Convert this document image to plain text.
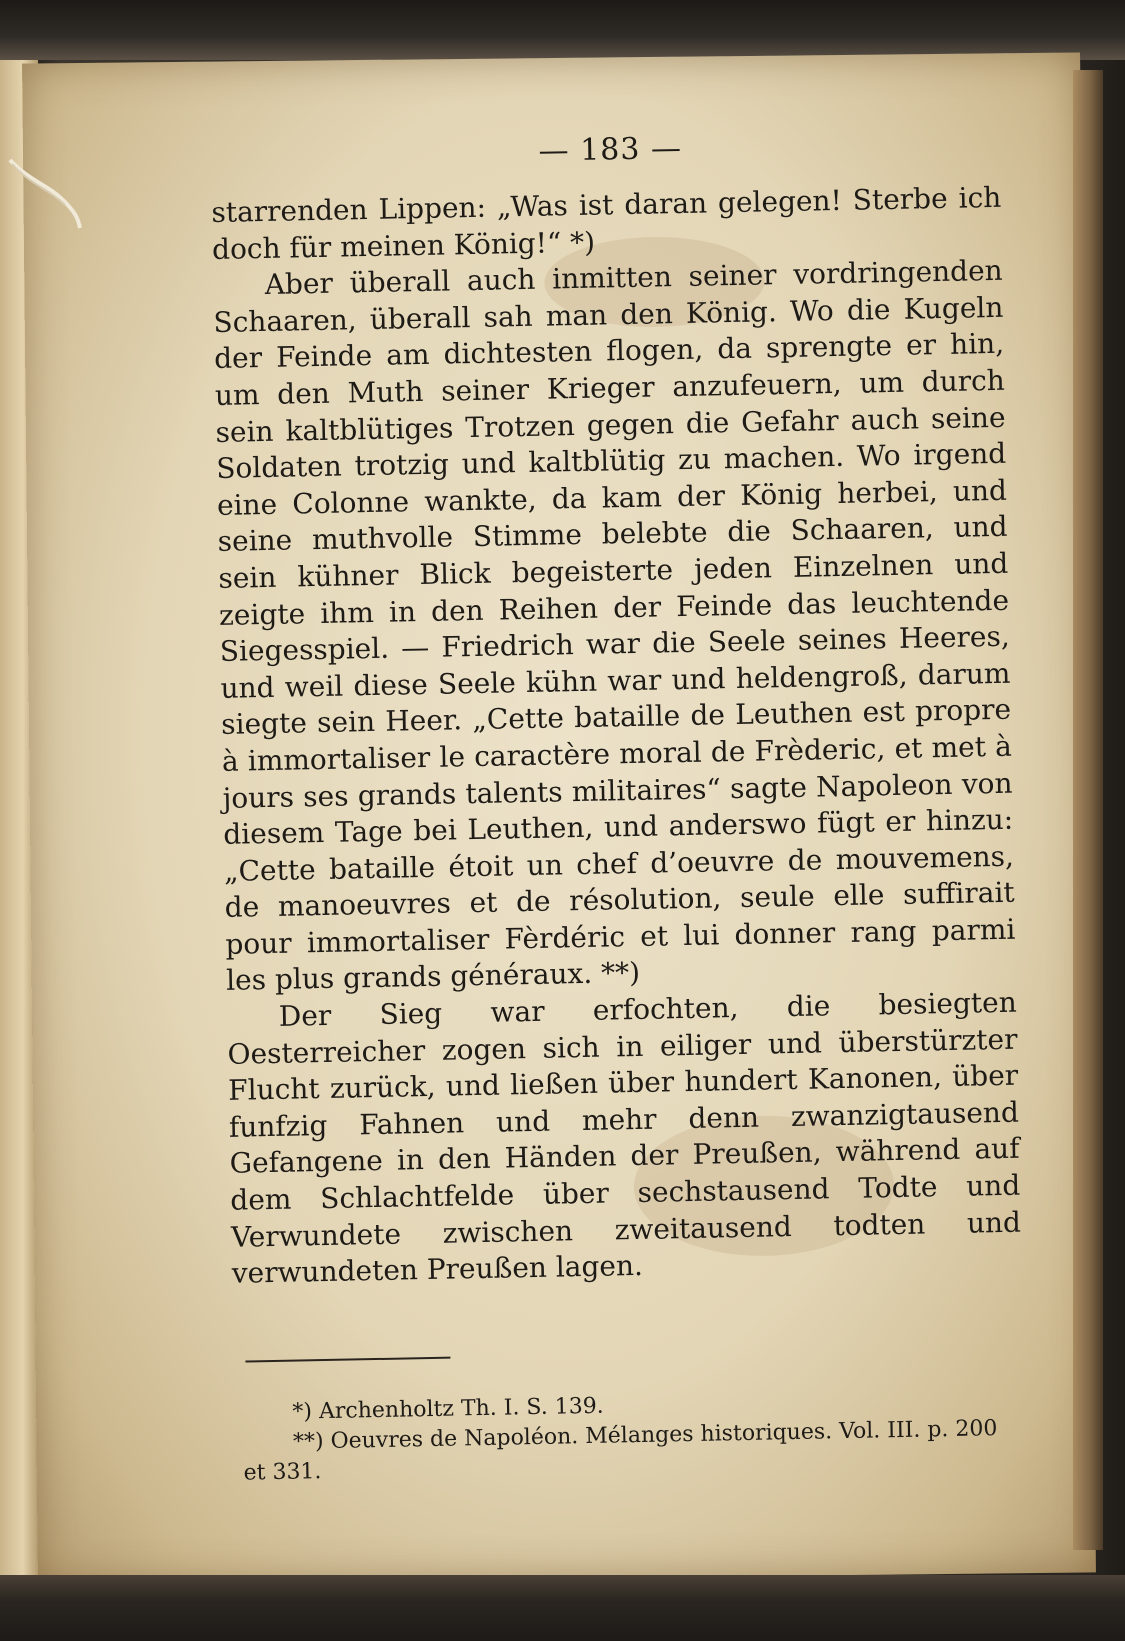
— 183 —

starrenden Lippen: „Was ist daran gelegen! Sterbe ich doch für meinen König!“ *)

Aber überall auch inmitten seiner vordringenden Schaaren, überall sah man den König. Wo die Kugeln der Feinde am dichtesten flogen, da sprengte er hin, um den Muth seiner Krieger anzufeuern, um durch sein kaltblütiges Trotzen gegen die Gefahr auch seine Soldaten trotzig und kaltblütig zu machen. Wo irgend eine Colonne wankte, da kam der König herbei, und seine muthvolle Stimme belebte die Schaaren, und sein kühner Blick begeisterte jeden Einzelnen und zeigte ihm in den Reihen der Feinde das leuchtende Siegesspiel. — Friedrich war die Seele seines Heeres, und weil diese Seele kühn war und heldengroß, darum siegte sein Heer. „Cette bataille de Leuthen est propre à immortaliser le caractère moral de Frèderic, et met à jours ses grands talents militaires“ sagte Napoleon von diesem Tage bei Leuthen, und anderswo fügt er hinzu: „Cette bataille étoit un chef d’oeuvre de mouvemens, de manoeuvres et de résolution, seule elle suffirait pour immortaliser Fèrdéric et lui donner rang parmi les plus grands généraux. **)

Der Sieg war erfochten, die besiegten Oesterreicher zogen sich in eiliger und überstürzter Flucht zurück, und ließen über hundert Kanonen, über funfzig Fahnen und mehr denn zwanzigtausend Gefangene in den Händen der Preußen, während auf dem Schlachtfelde über sechstausend Todte und Verwundete zwischen zweitausend todten und verwundeten Preußen lagen.

*) Archenholtz Th. I. S. 139.

**) Oeuvres de Napoléon. Mélanges historiques. Vol. III. p. 200 et 331.
